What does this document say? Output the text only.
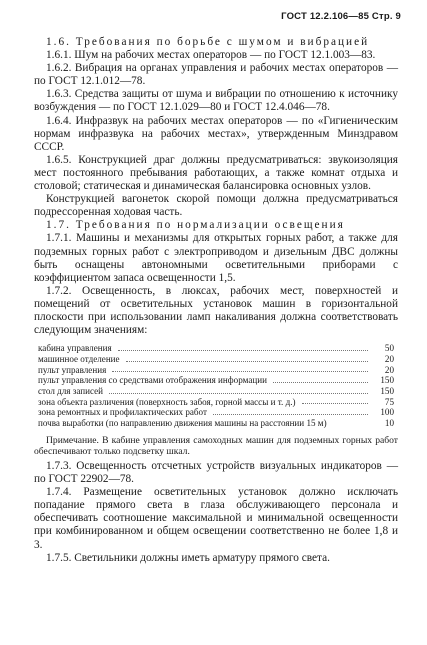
ГОСТ 12.2.106—85 Стр. 9

1.6. Требования по борьбе с шумом и вибрацией

1.6.1. Шум на рабочих местах операторов — по ГОСТ 12.1.003—83.

1.6.2. Вибрация на органах управления и рабочих местах операторов — по ГОСТ 12.1.012—78.

1.6.3. Средства защиты от шума и вибрации по отношению к источнику возбуждения — по ГОСТ 12.1.029—80 и ГОСТ 12.4.046—78.

1.6.4. Инфразвук на рабочих местах операторов — по «Гигиеническим нормам инфразвука на рабочих местах», утвержденным Минздравом СССР.

1.6.5. Конструкцией драг должны предусматриваться: звукоизоляция мест постоянного пребывания работающих, а также комнат отдыха и столовой; статическая и динамическая балансировка основных узлов.

Конструкцией вагонеток скорой помощи должна предусматриваться подрессоренная ходовая часть.

1.7. Требования по нормализации освещения

1.7.1. Машины и механизмы для открытых горных работ, а также для подземных горных работ с электроприводом и дизельным ДВС должны быть оснащены автономными осветительными приборами с коэффициентом запаса освещенности 1,5.

1.7.2. Освещенность, в люксах, рабочих мест, поверхностей и помещений от осветительных установок машин в горизонтальной плоскости при использовании ламп накаливания должна соответствовать следующим значениям:

кабина управления	50
машинное отделение	20
пульт управления	20
пульт управления со средствами отображения информации	150
стол для записей	150
зона объекта различения (поверхность забоя, горной массы и т. д.)	75
зона ремонтных и профилактических работ	100
почва выработки (по направлению движения машины на расстоянии 15 м)	10
Примечание. В кабине управления самоходных машин для подземных горных работ обеспечивают только подсветку шкал.

1.7.3. Освещенность отсчетных устройств визуальных индикаторов — по ГОСТ 22902—78.

1.7.4. Размещение осветительных установок должно исключать попадание прямого света в глаза обслуживающего персонала и обеспечивать соотношение максимальной и минимальной освещенности при комбинированном и общем освещении соответственно не более 1,8 и 3.

1.7.5. Светильники должны иметь арматуру прямого света.
